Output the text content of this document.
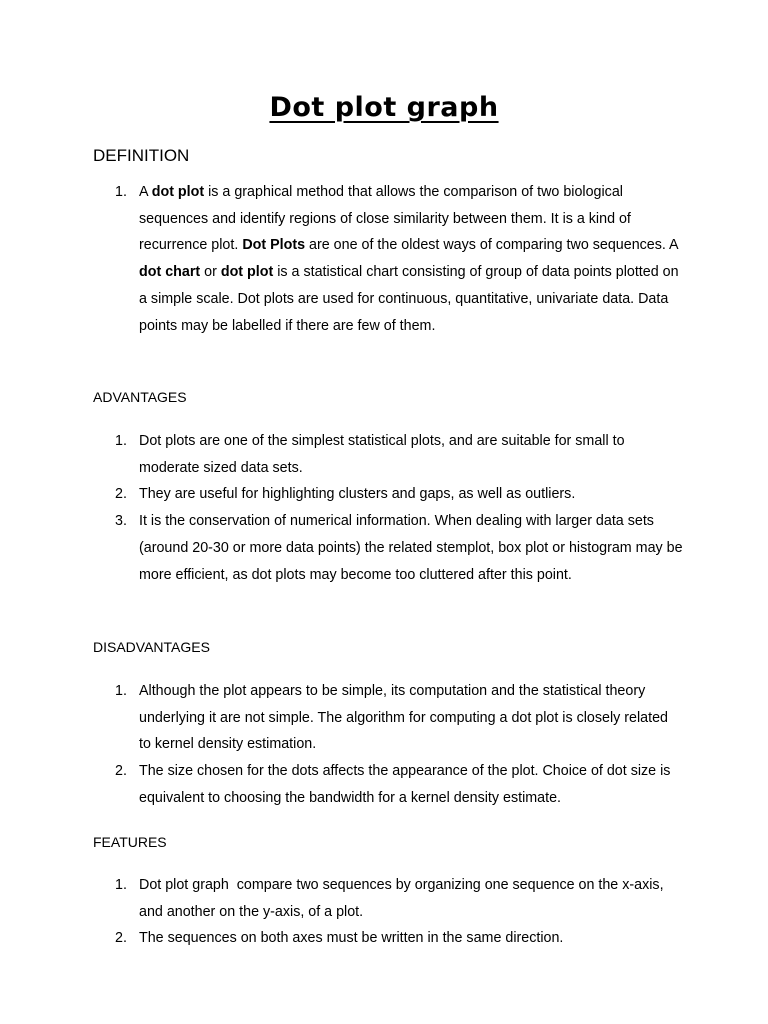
Dot plot graph
DEFINITION
1. A dot plot is a graphical method that allows the comparison of two biological sequences and identify regions of close similarity between them. It is a kind of recurrence plot. Dot Plots are one of the oldest ways of comparing two sequences. A dot chart or dot plot is a statistical chart consisting of group of data points plotted on a simple scale. Dot plots are used for continuous, quantitative, univariate data. Data points may be labelled if there are few of them.
ADVANTAGES
1. Dot plots are one of the simplest statistical plots, and are suitable for small to moderate sized data sets.
2. They are useful for highlighting clusters and gaps, as well as outliers.
3. It is the conservation of numerical information. When dealing with larger data sets (around 20-30 or more data points) the related stemplot, box plot or histogram may be more efficient, as dot plots may become too cluttered after this point.
DISADVANTAGES
1. Although the plot appears to be simple, its computation and the statistical theory underlying it are not simple. The algorithm for computing a dot plot is closely related to kernel density estimation.
2. The size chosen for the dots affects the appearance of the plot. Choice of dot size is equivalent to choosing the bandwidth for a kernel density estimate.
FEATURES
1. Dot plot graph  compare two sequences by organizing one sequence on the x-axis, and another on the y-axis, of a plot.
2. The sequences on both axes must be written in the same direction.
